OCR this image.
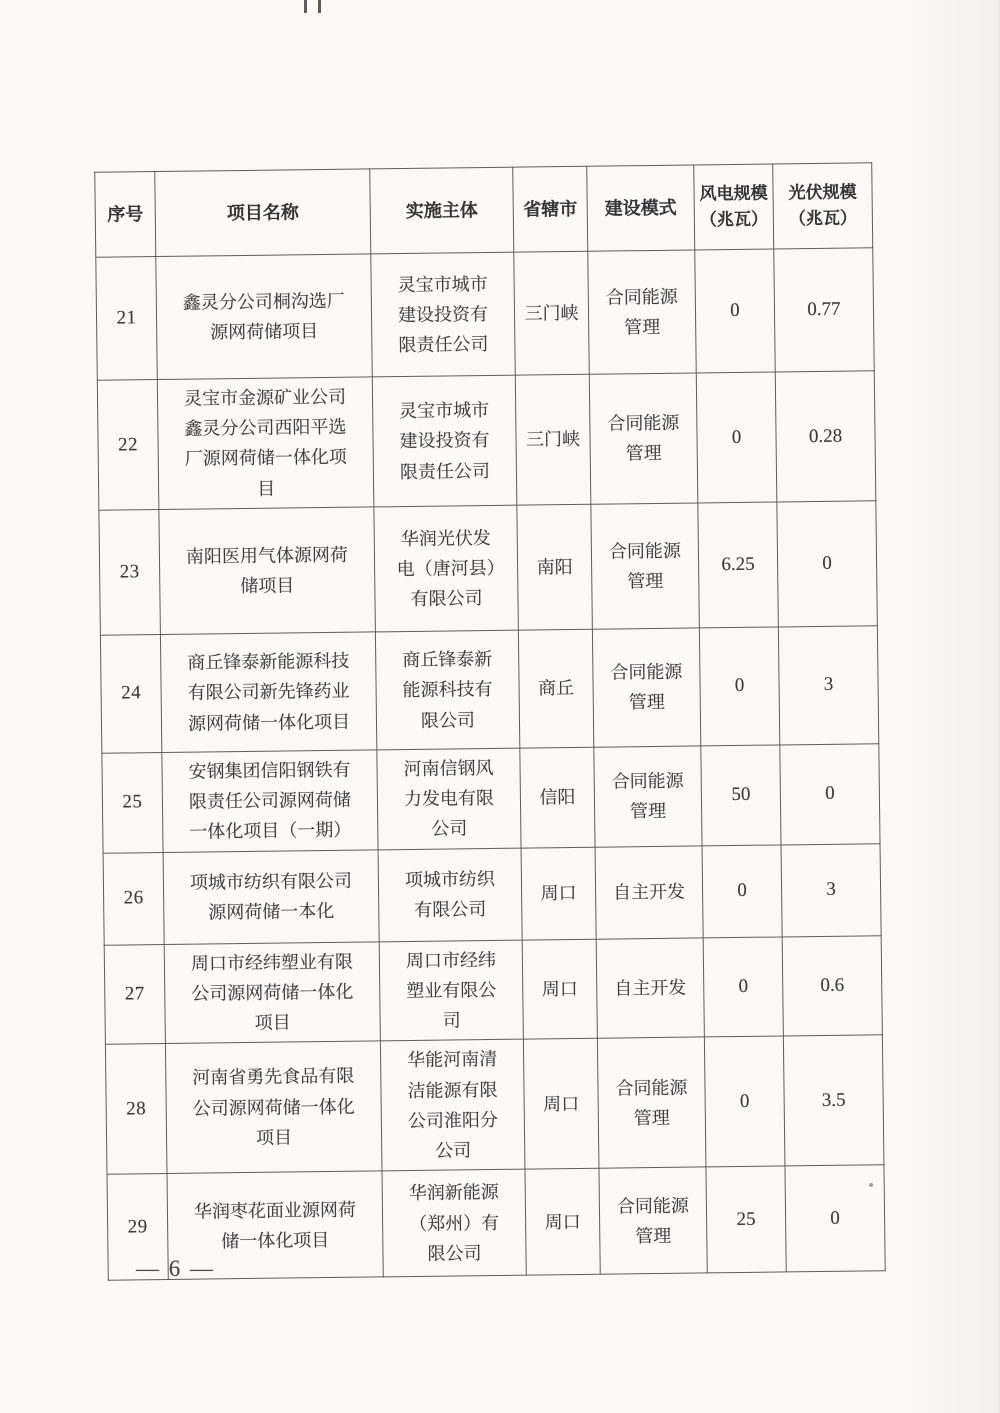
序号	项目名称	实施主体	省辖市	建设模式	风电规模（兆瓦）	光伏规模（兆瓦）
21	鑫灵分公司桐沟选厂源网荷储项目	灵宝市城市建设投资有限责任公司	三门峡	合同能源管理	0	0.77
22	灵宝市金源矿业公司鑫灵分公司西阳平选厂源网荷储一体化项目	灵宝市城市建设投资有限责任公司	三门峡	合同能源管理	0	0.28
23	南阳医用气体源网荷储项目	华润光伏发电（唐河县）有限公司	南阳	合同能源管理	6.25	0
24	商丘锋泰新能源科技有限公司新先锋药业源网荷储一体化项目	商丘锋泰新能源科技有限公司	商丘	合同能源管理	0	3
25	安钢集团信阳钢铁有限责任公司源网荷储一体化项目（一期）	河南信钢风力发电有限公司	信阳	合同能源管理	50	0
26	项城市纺织有限公司源网荷储一本化	项城市纺织有限公司	周口	自主开发	0	3
27	周口市经纬塑业有限公司源网荷储一体化项目	周口市经纬塑业有限公司	周口	自主开发	0	0.6
28	河南省勇先食品有限公司源网荷储一体化项目	华能河南清洁能源有限公司淮阳分公司	周口	合同能源管理	0	3.5
29	华润枣花面业源网荷储一体化项目	华润新能源（郑州）有限公司	周口	合同能源管理	25	0
— 6 —
